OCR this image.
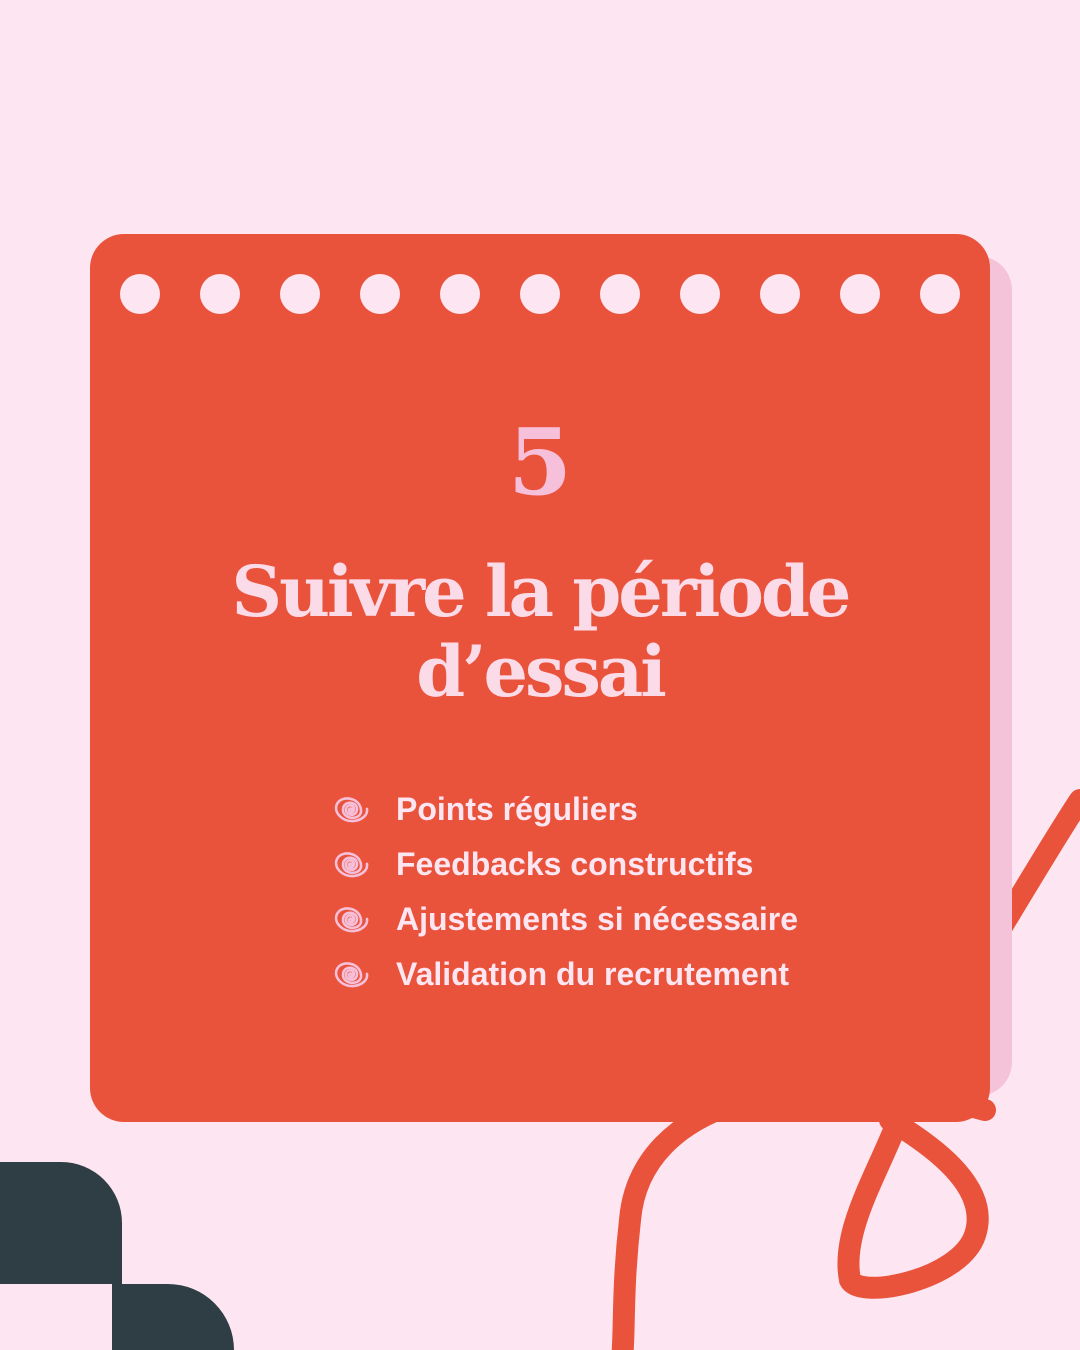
5
Suivre la période
d’essai
Points réguliers
Feedbacks constructifs
Ajustements si nécessaire
Validation du recrutement
